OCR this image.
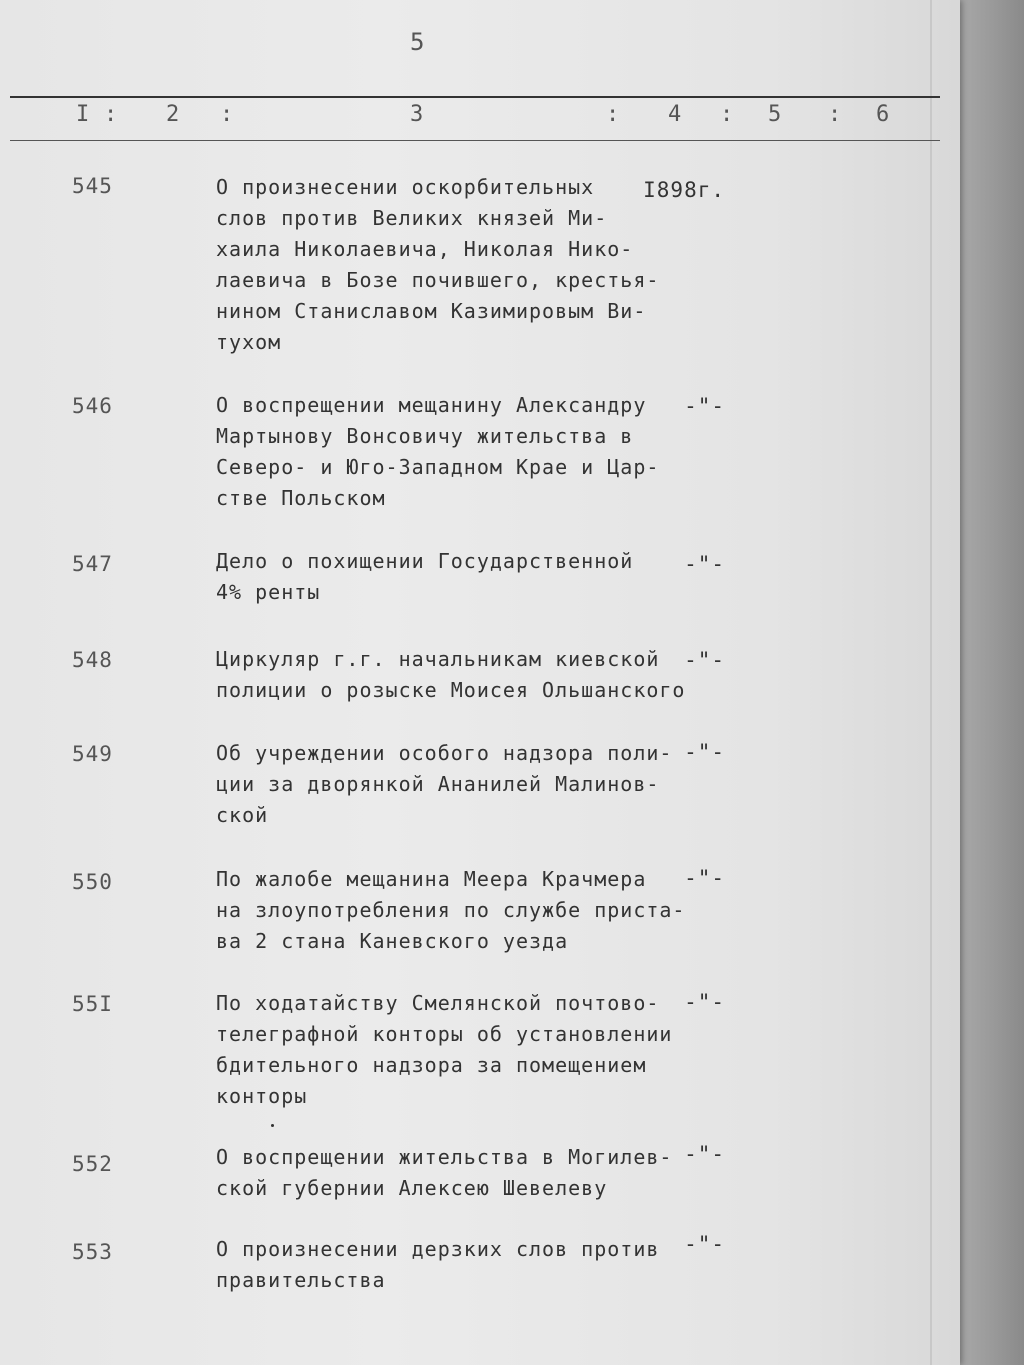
5
I : 2 :	3	: 4 : 5 : 6
545	О произнесении оскорбительных
слов против Великих князей Ми-
хаила Николаевича, Николая Нико-
лаевича в Бозе почившего, крестья-
нином Станиславом Казимировым Ви-
тухом
I898г.
546	О воспрещении мещанину Александру
Мартынову Вонсовичу жительства в
Северо- и Юго-Западном Крае и Цар-
стве Польском
-"-
547	Дело о похищении Государственной
4% ренты
-"-
548	Циркуляр г.г. начальникам киевской
полиции о розыске Моисея Ольшанского
-"-
549	Об учреждении особого надзора поли-
ции за дворянкой Ананилей Малинов-
ской
-"-
550	По жалобе мещанина Меера Крачмера
на злоупотребления по службе приста-
ва 2 стана Каневского уезда
-"-
55I	По ходатайству Смелянской почтово-
телеграфной конторы об установлении
бдительного надзора за помещением
конторы
-"-
552	О воспрещении жительства в Могилев-
ской губернии Алексею Шевелеву
-"-
553	О произнесении дерзких слов против
правительства
-"-
